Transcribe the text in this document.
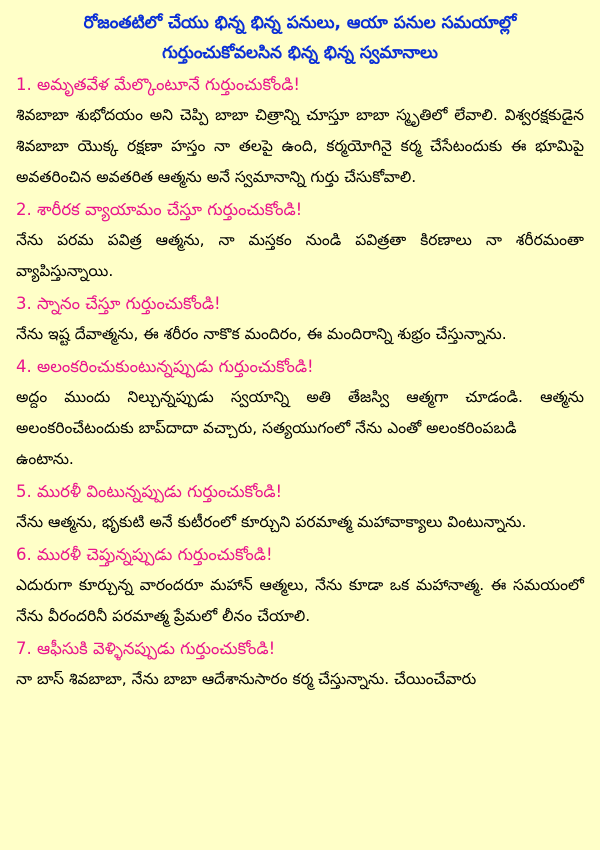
రోజంతటిలో చేయు భిన్న భిన్న పనులు, ఆయా పనుల సమయాల్లో
గుర్తుంచుకోవలసిన భిన్న భిన్న స్వమానాలు
1. అమృతవేళ మేల్కొంటూనే గుర్తుంచుకోండి!

శివబాబా శుభోదయం అని చెప్పి బాబా చిత్రాన్ని చూస్తూ బాబా స్మృతిలో లేవాలి. విశ్వరక్షకుడైన శివబాబా యొక్క రక్షణా హస్తం నా తలపై ఉంది, కర్మయోగినై కర్మ చేసేటందుకు ఈ భూమిపై అవతరించిన అవతరిత ఆత్మను అనే స్వమానాన్ని గుర్తు చేసుకోవాలి.

2. శారీరక వ్యాయామం చేస్తూ గుర్తుంచుకోండి!

నేను పరమ పవిత్ర ఆత్మను, నా మస్తకం నుండి పవిత్రతా కిరణాలు నా శరీరమంతా వ్యాపిస్తున్నాయి.

3. స్నానం చేస్తూ గుర్తుంచుకోండి!

నేను ఇష్ట దేవాత్మను, ఈ శరీరం నాకొక మందిరం, ఈ మందిరాన్ని శుభ్రం చేస్తున్నాను.

4. అలంకరించుకుంటున్నప్పుడు గుర్తుంచుకోండి!

అద్దం ముందు నిల్చున్నప్పుడు స్వయాన్ని అతి తేజస్వి ఆత్మగా చూడండి. ఆత్మను అలంకరించేటందుకు బాప్‌దాదా వచ్చారు, సత్యయుగంలో నేను ఎంతో అలంకరింపబడి

ఉంటాను.

5. మురళీ వింటున్నప్పుడు గుర్తుంచుకోండి!

నేను ఆత్మను, భృకుటి అనే కుటీరంలో కూర్చుని పరమాత్మ మహావాక్యాలు వింటున్నాను.

6. మురళీ చెప్తున్నప్పుడు గుర్తుంచుకోండి!

ఎదురుగా కూర్చున్న వారందరూ మహాన్ ఆత్మలు, నేను కూడా ఒక మహానాత్మ. ఈ సమయంలో నేను వీరందరినీ పరమాత్మ ప్రేమలో లీనం చేయాలి.

7. ఆఫీసుకి వెళ్ళినప్పుడు గుర్తుంచుకోండి!

నా బాస్ శివబాబా, నేను బాబా ఆదేశానుసారం కర్మ చేస్తున్నాను. చేయించేవారు
